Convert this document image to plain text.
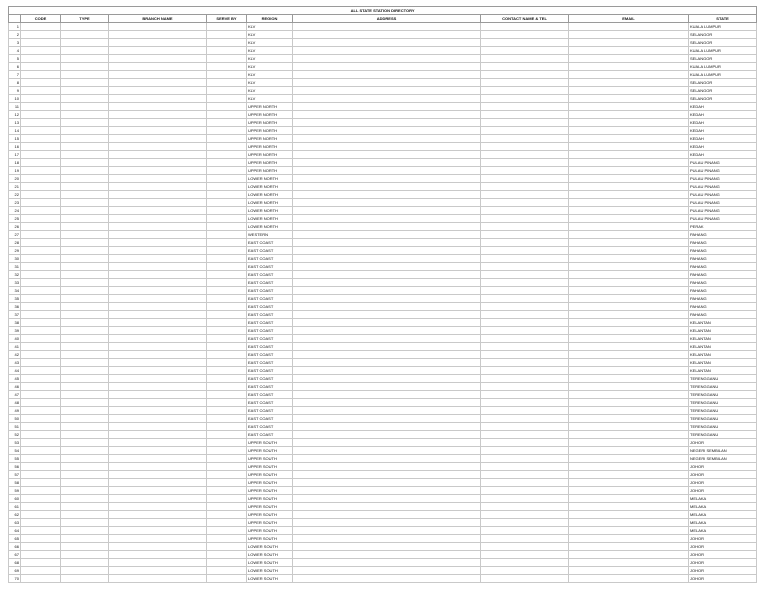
ALL STATE STATION DIRECTORY									
	CODE	TYPE	BRANCH NAME	SERVE BY	REGION	ADDRESS	CONTACT NAME & TEL	EMAIL	STATE
1					KLV				KUALA LUMPUR
2					KLV				SELANGOR
3					KLV				SELANGOR
4					KLV				KUALA LUMPUR
5					KLV				SELANGOR
6					KLV				KUALA LUMPUR
7					KLV				KUALA LUMPUR
8					KLV				SELANGOR
9					KLV				SELANGOR
10					KLV				SELANGOR
11					UPPER NORTH				KEDAH
12					UPPER NORTH				KEDAH
13					UPPER NORTH				KEDAH
14					UPPER NORTH				KEDAH
15					UPPER NORTH				KEDAH
16					UPPER NORTH				KEDAH
17					UPPER NORTH				KEDAH
18					UPPER NORTH				PULAU PINANG
19					UPPER NORTH				PULAU PINANG
20					LOWER NORTH				PULAU PINANG
21					LOWER NORTH				PULAU PINANG
22					LOWER NORTH				PULAU PINANG
23					LOWER NORTH				PULAU PINANG
24					LOWER NORTH				PULAU PINANG
25					LOWER NORTH				PULAU PINANG
26					LOWER NORTH				PERAK
27					WESTERN				PAHANG
28					EAST COAST				PAHANG
29					EAST COAST				PAHANG
30					EAST COAST				PAHANG
31					EAST COAST				PAHANG
32					EAST COAST				PAHANG
33					EAST COAST				PAHANG
34					EAST COAST				PAHANG
35					EAST COAST				PAHANG
36					EAST COAST				PAHANG
37					EAST COAST				PAHANG
38					EAST COAST				KELANTAN
39					EAST COAST				KELANTAN
40					EAST COAST				KELANTAN
41					EAST COAST				KELANTAN
42					EAST COAST				KELANTAN
43					EAST COAST				KELANTAN
44					EAST COAST				KELANTAN
45					EAST COAST				TERENGGANU
46					EAST COAST				TERENGGANU
47					EAST COAST				TERENGGANU
48					EAST COAST				TERENGGANU
49					EAST COAST				TERENGGANU
50					EAST COAST				TERENGGANU
51					EAST COAST				TERENGGANU
52					EAST COAST				TERENGGANU
53					UPPER SOUTH				JOHOR
54					UPPER SOUTH				NEGERI SEMBILAN
55					UPPER SOUTH				NEGERI SEMBILAN
56					UPPER SOUTH				JOHOR
57					UPPER SOUTH				JOHOR
58					UPPER SOUTH				JOHOR
59					UPPER SOUTH				JOHOR
60					UPPER SOUTH				MELAKA
61					UPPER SOUTH				MELAKA
62					UPPER SOUTH				MELAKA
63					UPPER SOUTH				MELAKA
64					UPPER SOUTH				MELAKA
65					UPPER SOUTH				JOHOR
66					LOWER SOUTH				JOHOR
67					LOWER SOUTH				JOHOR
68					LOWER SOUTH				JOHOR
69					LOWER SOUTH				JOHOR
70					LOWER SOUTH				JOHOR
